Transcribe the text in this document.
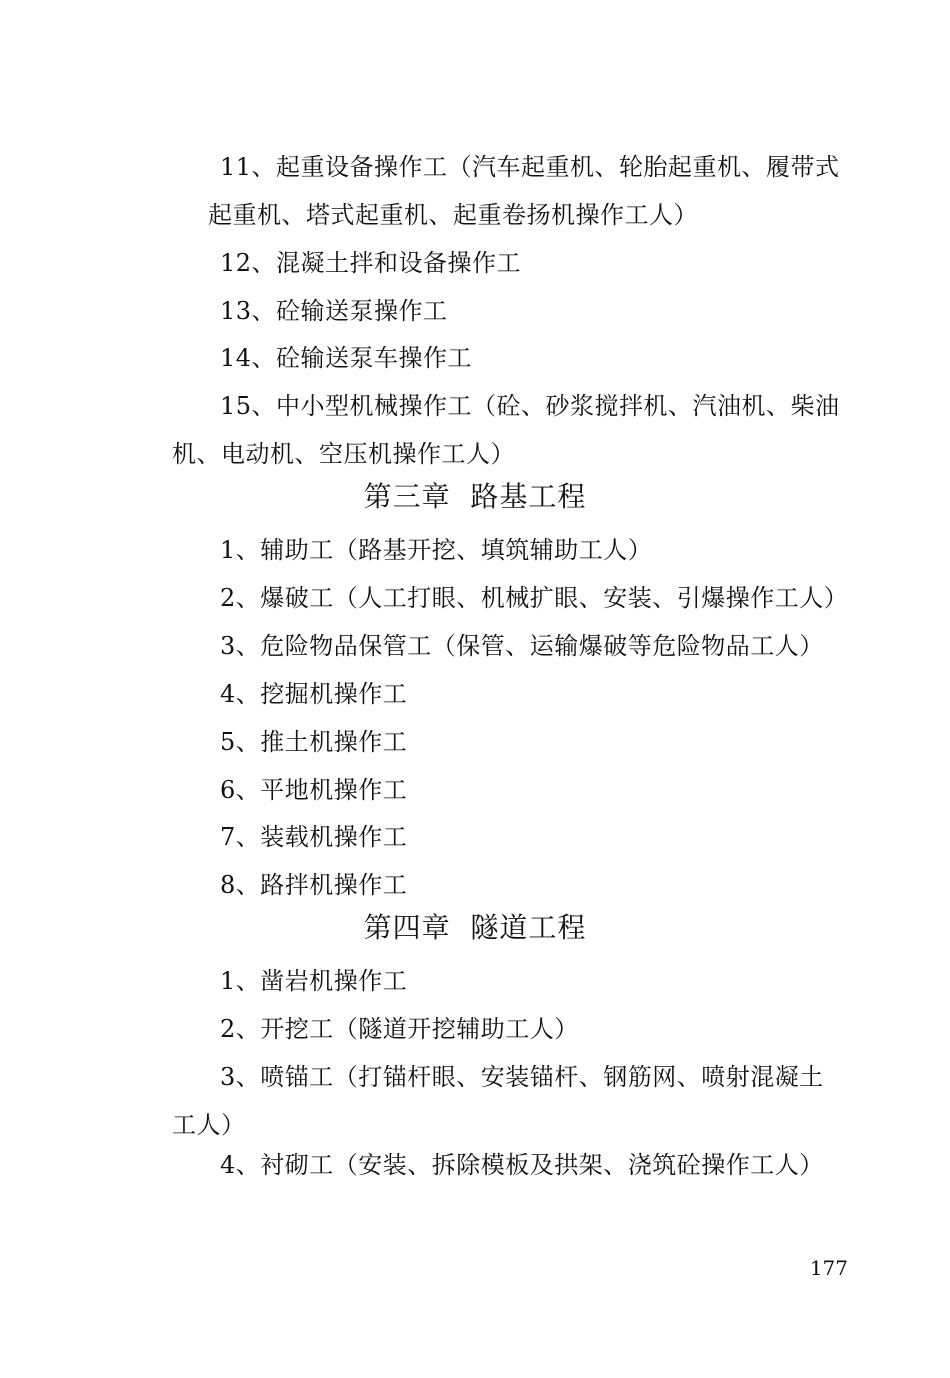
11、起重设备操作工（汽车起重机、轮胎起重机、履带式
起重机、塔式起重机、起重卷扬机操作工人）
12、混凝土拌和设备操作工
13、砼输送泵操作工
14、砼输送泵车操作工
15、中小型机械操作工（砼、砂浆搅拌机、汽油机、柴油
机、电动机、空压机操作工人）
第三章  路基工程
1、辅助工（路基开挖、填筑辅助工人）
2、爆破工（人工打眼、机械扩眼、安装、引爆操作工人）
3、危险物品保管工（保管、运输爆破等危险物品工人）
4、挖掘机操作工
5、推土机操作工
6、平地机操作工
7、装载机操作工
8、路拌机操作工
第四章  隧道工程
1、凿岩机操作工
2、开挖工（隧道开挖辅助工人）
3、喷锚工（打锚杆眼、安装锚杆、钢筋网、喷射混凝土
工人）
4、衬砌工（安装、拆除模板及拱架、浇筑砼操作工人）
177
